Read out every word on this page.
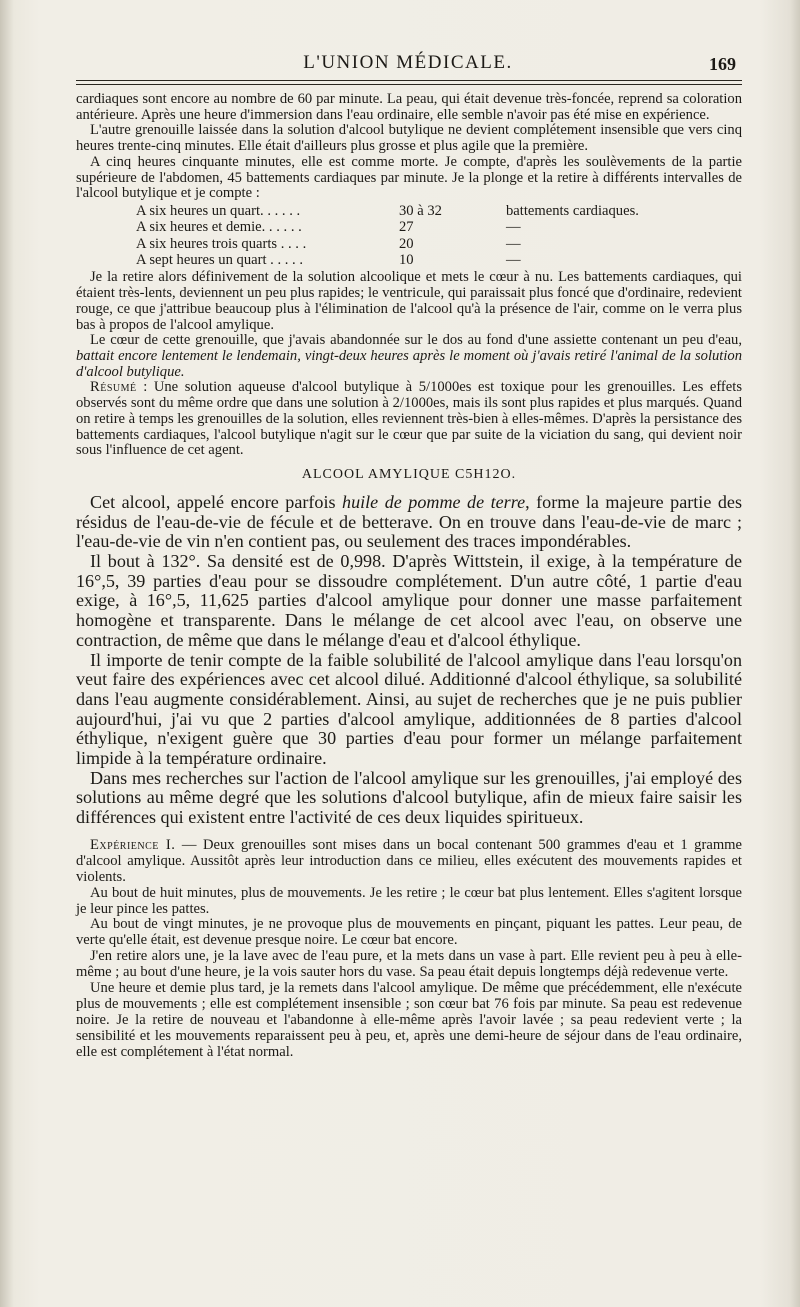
L'UNION MÉDICALE.	169

cardiaques sont encore au nombre de 60 par minute. La peau, qui était devenue très-foncée, reprend sa coloration antérieure. Après une heure d'immersion dans l'eau ordinaire, elle semble n'avoir pas été mise en expérience.

L'autre grenouille laissée dans la solution d'alcool butylique ne devient complétement insensible que vers cinq heures trente-cinq minutes. Elle était d'ailleurs plus grosse et plus agile que la première.

A cinq heures cinquante minutes, elle est comme morte. Je compte, d'après les soulèvements de la partie supérieure de l'abdomen, 45 battements cardiaques par minute. Je la plonge et la retire à différents intervalles de l'alcool butylique et je compte :

A six heures un quart. . . . . .	30 à 32	battements cardiaques.
A six heures et demie. . . . . .	27	—
A six heures trois quarts . . . .	20	—
A sept heures un quart . . . . .	10	—

Je la retire alors définivement de la solution alcoolique et mets le cœur à nu. Les battements cardiaques, qui étaient très-lents, deviennent un peu plus rapides; le ventricule, qui paraissait plus foncé que d'ordinaire, redevient rouge, ce que j'attribue beaucoup plus à l'élimination de l'alcool qu'à la présence de l'air, comme on le verra plus bas à propos de l'alcool amylique.

Le cœur de cette grenouille, que j'avais abandonnée sur le dos au fond d'une assiette contenant un peu d'eau, battait encore lentement le lendemain, vingt-deux heures après le moment où j'avais retiré l'animal de la solution d'alcool butylique.

Résumé : Une solution aqueuse d'alcool butylique à 5/1000es est toxique pour les grenouilles. Les effets observés sont du même ordre que dans une solution à 2/1000es, mais ils sont plus rapides et plus marqués. Quand on retire à temps les grenouilles de la solution, elles reviennent très-bien à elles-mêmes. D'après la persistance des battements cardiaques, l'alcool butylique n'agit sur le cœur que par suite de la viciation du sang, qui devient noir sous l'influence de cet agent.

ALCOOL AMYLIQUE C5H12O.

Cet alcool, appelé encore parfois huile de pomme de terre, forme la majeure partie des résidus de l'eau-de-vie de fécule et de betterave. On en trouve dans l'eau-de-vie de marc ; l'eau-de-vie de vin n'en contient pas, ou seulement des traces impondérables.

Il bout à 132°. Sa densité est de 0,998. D'après Wittstein, il exige, à la température de 16°,5, 39 parties d'eau pour se dissoudre complétement. D'un autre côté, 1 partie d'eau exige, à 16°,5, 11,625 parties d'alcool amylique pour donner une masse parfaitement homogène et transparente. Dans le mélange de cet alcool avec l'eau, on observe une contraction, de même que dans le mélange d'eau et d'alcool éthylique.

Il importe de tenir compte de la faible solubilité de l'alcool amylique dans l'eau lorsqu'on veut faire des expériences avec cet alcool dilué. Additionné d'alcool éthylique, sa solubilité dans l'eau augmente considérablement. Ainsi, au sujet de recherches que je ne puis publier aujourd'hui, j'ai vu que 2 parties d'alcool amylique, additionnées de 8 parties d'alcool éthylique, n'exigent guère que 30 parties d'eau pour former un mélange parfaitement limpide à la température ordinaire.

Dans mes recherches sur l'action de l'alcool amylique sur les grenouilles, j'ai employé des solutions au même degré que les solutions d'alcool butylique, afin de mieux faire saisir les différences qui existent entre l'activité de ces deux liquides spiritueux.

Expérience I. — Deux grenouilles sont mises dans un bocal contenant 500 grammes d'eau et 1 gramme d'alcool amylique. Aussitôt après leur introduction dans ce milieu, elles exécutent des mouvements rapides et violents.

Au bout de huit minutes, plus de mouvements. Je les retire ; le cœur bat plus lentement. Elles s'agitent lorsque je leur pince les pattes.

Au bout de vingt minutes, je ne provoque plus de mouvements en pinçant, piquant les pattes. Leur peau, de verte qu'elle était, est devenue presque noire. Le cœur bat encore.

J'en retire alors une, je la lave avec de l'eau pure, et la mets dans un vase à part. Elle revient peu à peu à elle-même ; au bout d'une heure, je la vois sauter hors du vase. Sa peau était depuis longtemps déjà redevenue verte.

Une heure et demie plus tard, je la remets dans l'alcool amylique. De même que précédemment, elle n'exécute plus de mouvements ; elle est complétement insensible ; son cœur bat 76 fois par minute. Sa peau est redevenue noire. Je la retire de nouveau et l'abandonne à elle-même après l'avoir lavée ; sa peau redevient verte ; la sensibilité et les mouvements reparaissent peu à peu, et, après une demi-heure de séjour dans de l'eau ordinaire, elle est complétement à l'état normal.
